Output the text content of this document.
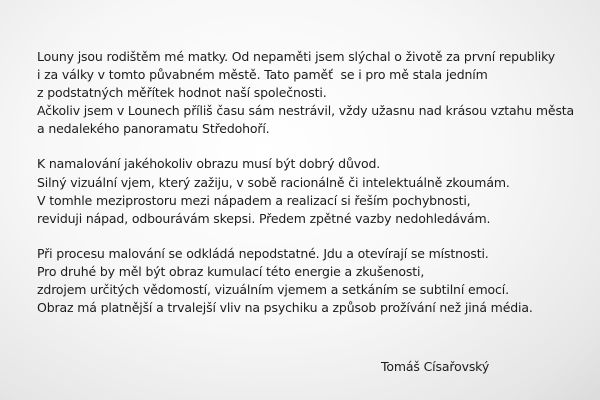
Louny jsou rodištěm mé matky. Od nepaměti jsem slýchal o životě za první republiky
i za války v tomto půvabném městě. Tato paměť  se i pro mě stala jedním
z podstatných měřítek hodnot naší společnosti.
Ačkoliv jsem v Lounech příliš času sám nestrávil, vždy užasnu nad krásou vztahu města
a nedalekého panoramatu Středohoří.

K namalování jakéhokoliv obrazu musí být dobrý důvod.
Silný vizuální vjem, který zažiju, v sobě racionálně či intelektuálně zkoumám.
V tomhle meziprostoru mezi nápadem a realizací si řeším pochybnosti,
reviduji nápad, odbourávám skepsi. Předem zpětné vazby nedohledávám.

Při procesu malování se odkládá nepodstatné. Jdu a otevírají se místnosti.
Pro druhé by měl být obraz kumulací této energie a zkušenosti,
zdrojem určitých vědomostí, vizuálním vjemem a setkáním se subtilní emocí.
Obraz má platnější a trvalejší vliv na psychiku a způsob prožívání než jiná média.

Tomáš Císařovský
